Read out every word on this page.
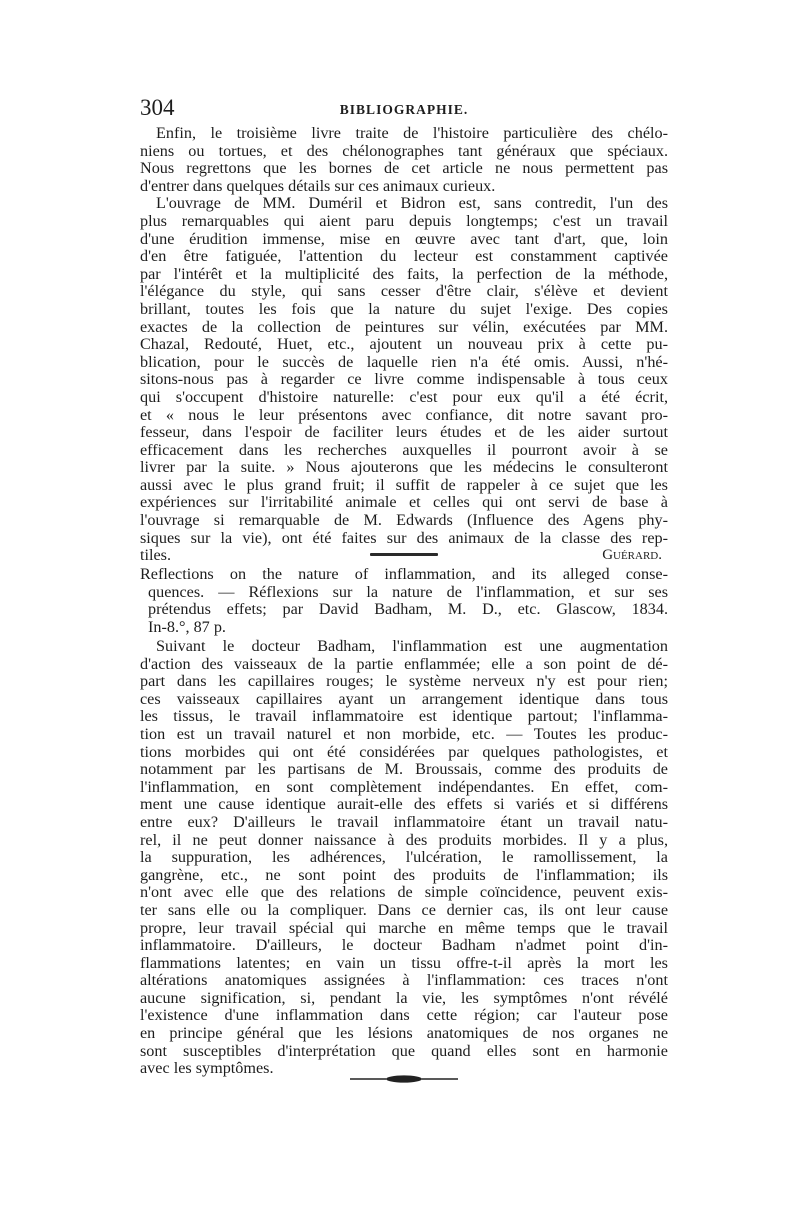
304	BIBLIOGRAPHIE.
Enfin, le troisième livre traite de l'histoire particulière des chélo-
niens ou tortues, et des chélonographes tant généraux que spéciaux.
Nous regrettons que les bornes de cet article ne nous permettent pas
d'entrer dans quelques détails sur ces animaux curieux.
L'ouvrage de MM. Duméril et Bidron est, sans contredit, l'un des
plus remarquables qui aient paru depuis longtemps; c'est un travail
d'une érudition immense, mise en œuvre avec tant d'art, que, loin
d'en être fatiguée, l'attention du lecteur est constamment captivée
par l'intérêt et la multiplicité des faits, la perfection de la méthode,
l'élégance du style, qui sans cesser d'être clair, s'élève et devient
brillant, toutes les fois que la nature du sujet l'exige. Des copies
exactes de la collection de peintures sur vélin, exécutées par MM.
Chazal, Redouté, Huet, etc., ajoutent un nouveau prix à cette pu-
blication, pour le succès de laquelle rien n'a été omis. Aussi, n'hé-
sitons-nous pas à regarder ce livre comme indispensable à tous ceux
qui s'occupent d'histoire naturelle: c'est pour eux qu'il a été écrit,
et « nous le leur présentons avec confiance, dit notre savant pro-
fesseur, dans l'espoir de faciliter leurs études et de les aider surtout
efficacement dans les recherches auxquelles il pourront avoir à se
livrer par la suite. » Nous ajouterons que les médecins le consulteront
aussi avec le plus grand fruit; il suffit de rappeler à ce sujet que les
expériences sur l'irritabilité animale et celles qui ont servi de base à
l'ouvrage si remarquable de M. Edwards (Influence des Agens phy-
siques sur la vie), ont été faites sur des animaux de la classe des rep-
tiles.	Guérard.
Reflections on the nature of inflammation, and its alleged conse-
quences. — Réflexions sur la nature de l'inflammation, et sur ses
prétendus effets; par David Badham, M. D., etc. Glascow, 1834.
In-8.°, 87 p.
Suivant le docteur Badham, l'inflammation est une augmentation
d'action des vaisseaux de la partie enflammée; elle a son point de dé-
part dans les capillaires rouges; le système nerveux n'y est pour rien;
ces vaisseaux capillaires ayant un arrangement identique dans tous
les tissus, le travail inflammatoire est identique partout; l'inflamma-
tion est un travail naturel et non morbide, etc. — Toutes les produc-
tions morbides qui ont été considérées par quelques pathologistes, et
notamment par les partisans de M. Broussais, comme des produits de
l'inflammation, en sont complètement indépendantes. En effet, com-
ment une cause identique aurait-elle des effets si variés et si différens
entre eux? D'ailleurs le travail inflammatoire étant un travail natu-
rel, il ne peut donner naissance à des produits morbides. Il y a plus,
la suppuration, les adhérences, l'ulcération, le ramollissement, la
gangrène, etc., ne sont point des produits de l'inflammation; ils
n'ont avec elle que des relations de simple coïncidence, peuvent exis-
ter sans elle ou la compliquer. Dans ce dernier cas, ils ont leur cause
propre, leur travail spécial qui marche en même temps que le travail
inflammatoire. D'ailleurs, le docteur Badham n'admet point d'in-
flammations latentes; en vain un tissu offre-t-il après la mort les
altérations anatomiques assignées à l'inflammation: ces traces n'ont
aucune signification, si, pendant la vie, les symptômes n'ont révélé
l'existence d'une inflammation dans cette région; car l'auteur pose
en principe général que les lésions anatomiques de nos organes ne
sont susceptibles d'interprétation que quand elles sont en harmonie
avec les symptômes.
